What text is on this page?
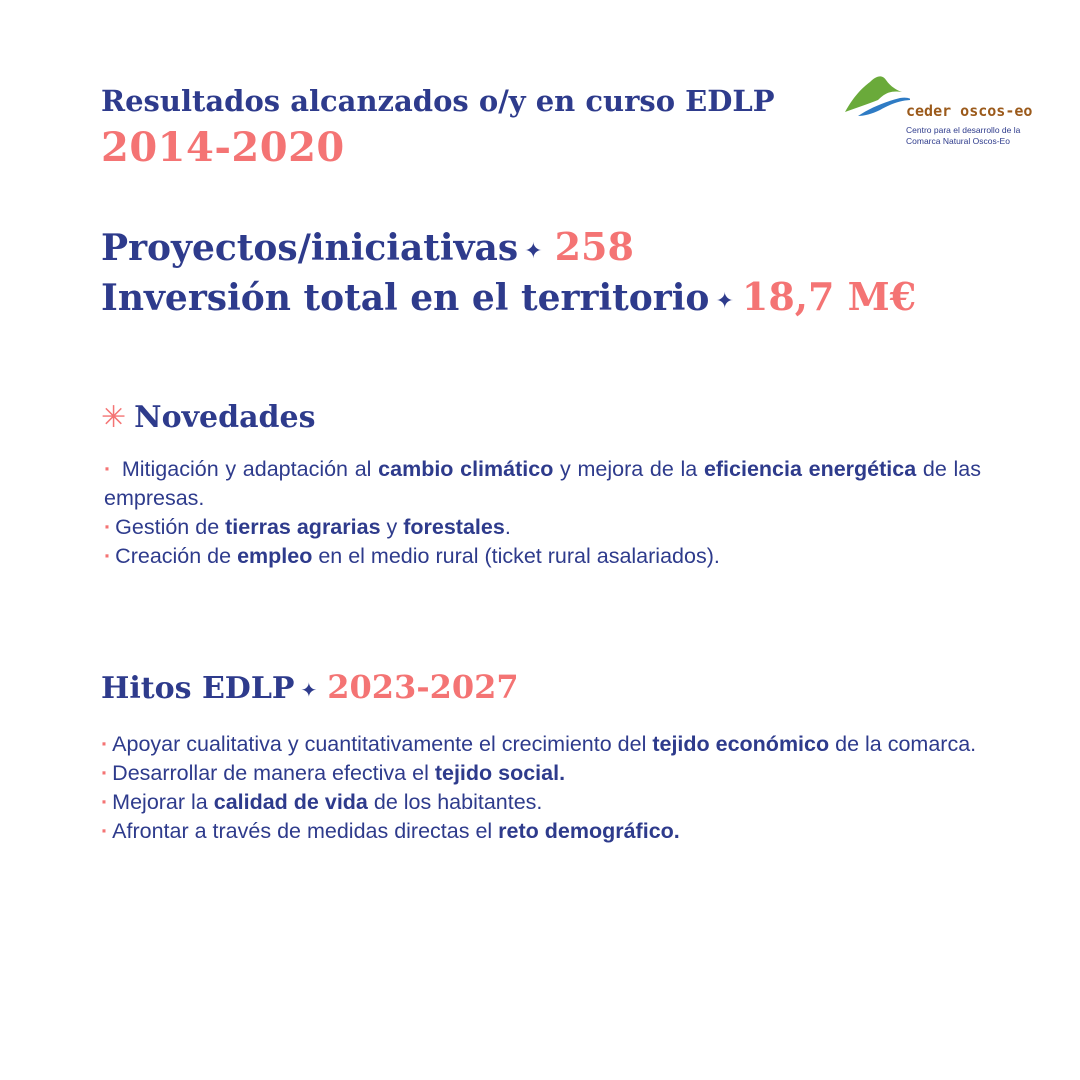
Resultados alcanzados o/y en curso EDLP
2014-2020
ceder oscos-eo
Centro para el desarrollo de la
Comarca Natural Oscos-Eo
Proyectos/iniciativas ✦ 258
Inversión total en el territorio ✦ 18,7 M€
✳ Novedades

· Mitigación y adaptación al cambio climático y mejora de la eficiencia energética de las empresas.

· Gestión de tierras agrarias y forestales.

· Creación de empleo en el medio rural (ticket rural asalariados).

Hitos EDLP ✦ 2023-2027

· Apoyar cualitativa y cuantitativamente el crecimiento del tejido económico de la comarca.

· Desarrollar de manera efectiva el tejido social.

· Mejorar la calidad de vida de los habitantes.

· Afrontar a través de medidas directas el reto demográfico.
